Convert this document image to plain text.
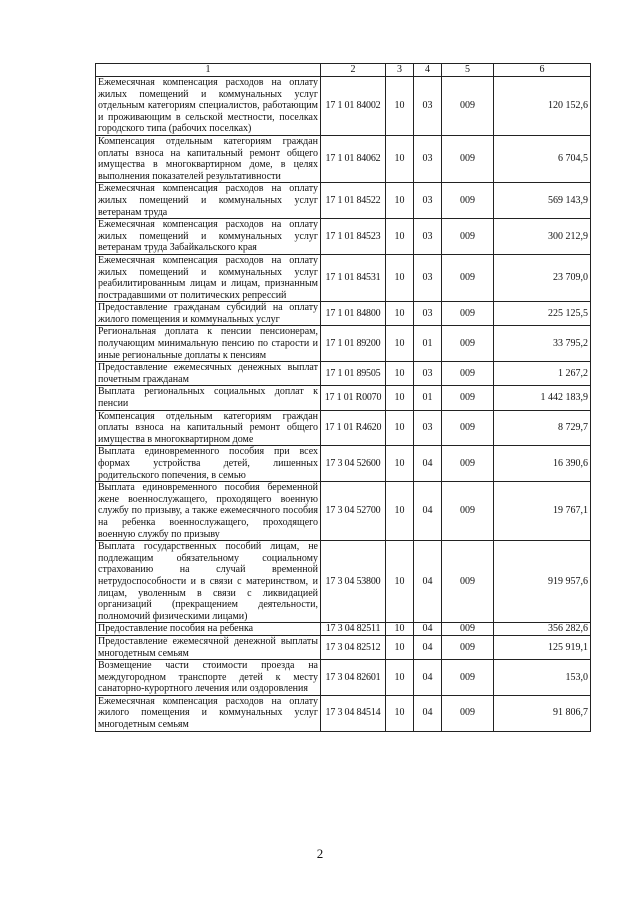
1	2	3	4	5	6
Ежемесячная компенсация расходов на оплату жилых помещений и коммунальных услуг отдельным категориям специалистов, работающим и проживающим в сельской местности, поселках городского типа (рабочих поселках)	17 1 01 84002	10	03	009	120 152,6
Компенсация отдельным категориям граждан оплаты взноса на капитальный ремонт общего имущества в многоквартирном доме, в целях выполнения показателей результативности	17 1 01 84062	10	03	009	6 704,5
Ежемесячная компенсация расходов на оплату жилых помещений и коммунальных услуг ветеранам труда	17 1 01 84522	10	03	009	569 143,9
Ежемесячная компенсация расходов на оплату жилых помещений и коммунальных услуг ветеранам труда Забайкальского края	17 1 01 84523	10	03	009	300 212,9
Ежемесячная компенсация расходов на оплату жилых помещений и коммунальных услуг реабилитированным лицам и лицам, признанным пострадавшими от политических репрессий	17 1 01 84531	10	03	009	23 709,0
Предоставление гражданам субсидий на оплату жилого помещения и коммунальных услуг	17 1 01 84800	10	03	009	225 125,5
Региональная доплата к пенсии пенсионерам, получающим минимальную пенсию по старости и иные региональные доплаты к пенсиям	17 1 01 89200	10	01	009	33 795,2
Предоставление ежемесячных денежных выплат почетным гражданам	17 1 01 89505	10	03	009	1 267,2
Выплата региональных социальных доплат к пенсии	17 1 01 R0070	10	01	009	1 442 183,9
Компенсация отдельным категориям граждан оплаты взноса на капитальный ремонт общего имущества в многоквартирном доме	17 1 01 R4620	10	03	009	8 729,7
Выплата единовременного пособия при всех формах устройства детей, лишенных родительского попечения, в семью	17 3 04 52600	10	04	009	16 390,6
Выплата единовременного пособия беременной жене военнослужащего, проходящего военную службу по призыву, а также ежемесячного пособия на ребенка военнослужащего, проходящего военную службу по призыву	17 3 04 52700	10	04	009	19 767,1
Выплата государственных пособий лицам, не подлежащим обязательному социальному страхованию на случай временной нетрудоспособности и в связи с материнством, и лицам, уволенным в связи с ликвидацией организаций (прекращением деятельности, полномочий физическими лицами)	17 3 04 53800	10	04	009	919 957,6
Предоставление пособия на ребенка	17 3 04 82511	10	04	009	356 282,6
Предоставление ежемесячной денежной выплаты многодетным семьям	17 3 04 82512	10	04	009	125 919,1
Возмещение части стоимости проезда на междугородном транспорте детей к месту санаторно-курортного лечения или оздоровления	17 3 04 82601	10	04	009	153,0
Ежемесячная компенсация расходов на оплату жилого помещения и коммунальных услуг многодетным семьям	17 3 04 84514	10	04	009	91 806,7
2
